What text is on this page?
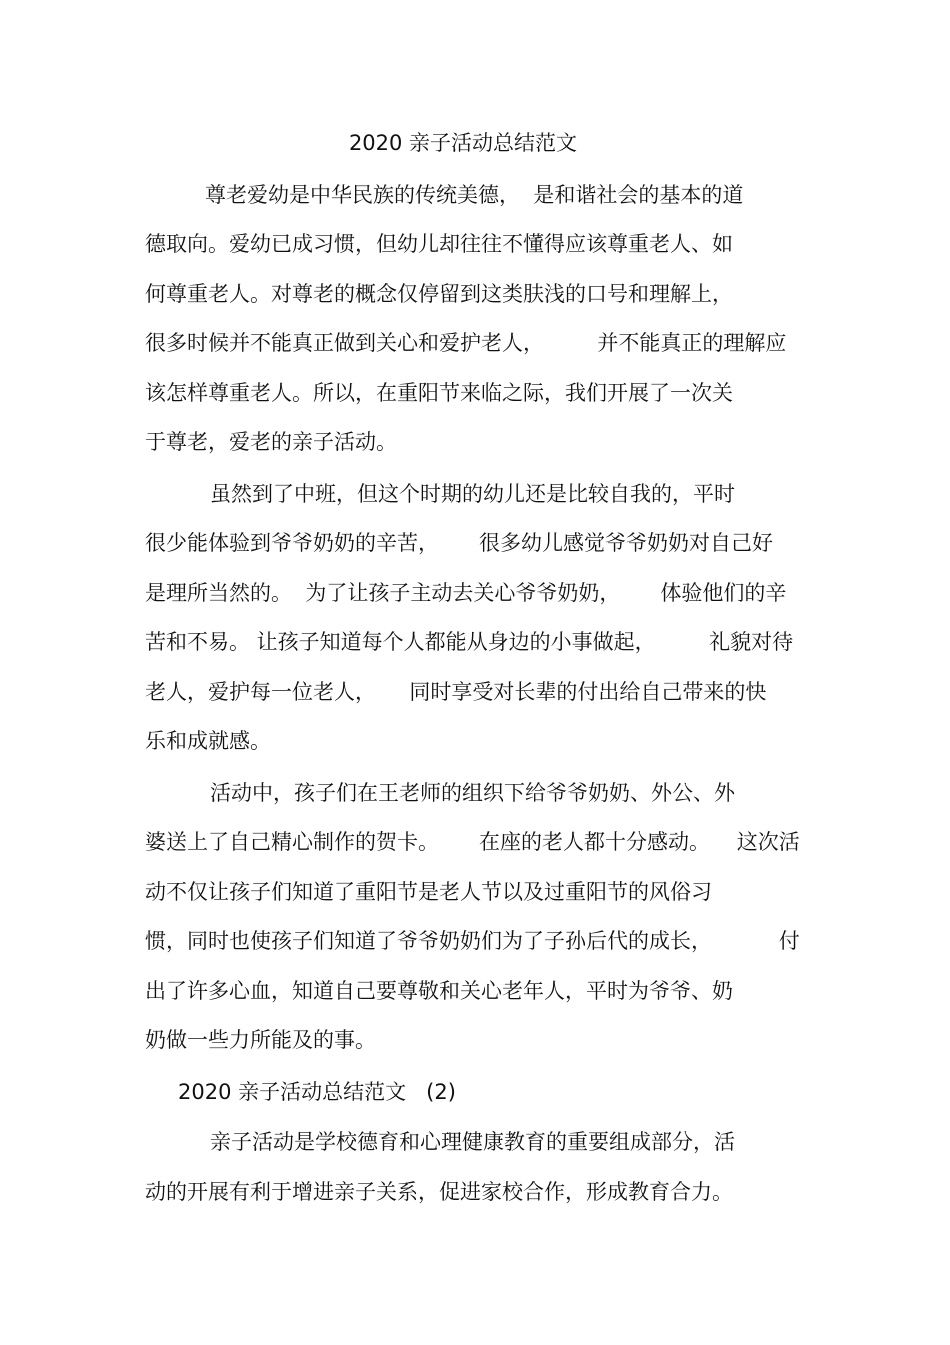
2020 亲子活动总结范文
尊老爱幼是中华民族的传统美德，  是和谐社会的基本的道
德取向。爱幼已成习惯，但幼儿却往往不懂得应该尊重老人、如
何尊重老人。对尊老的概念仅停留到这类肤浅的口号和理解上，
很多时候并不能真正做到关心和爱护老人，        并不能真正的理解应
该怎样尊重老人。所以，在重阳节来临之际，我们开展了一次关
于尊老，爱老的亲子活动。
虽然到了中班，但这个时期的幼儿还是比较自我的，平时
很少能体验到爷爷奶奶的辛苦，      很多幼儿感觉爷爷奶奶对自己好
是理所当然的。  为了让孩子主动去关心爷爷奶奶，      体验他们的辛
苦和不易。 让孩子知道每个人都能从身边的小事做起，        礼貌对待
老人，爱护每一位老人，     同时享受对长辈的付出给自己带来的快
乐和成就感。
活动中，孩子们在王老师的组织下给爷爷奶奶、外公、外
婆送上了自己精心制作的贺卡。      在座的老人都十分感动。    这次活
动不仅让孩子们知道了重阳节是老人节以及过重阳节的风俗习
惯，同时也使孩子们知道了爷爷奶奶们为了子孙后代的成长，          付
出了许多心血，知道自己要尊敬和关心老年人，平时为爷爷、奶
奶做一些力所能及的事。
2020 亲子活动总结范文   (2)
亲子活动是学校德育和心理健康教育的重要组成部分，活
动的开展有利于增进亲子关系，促进家校合作，形成教育合力。
